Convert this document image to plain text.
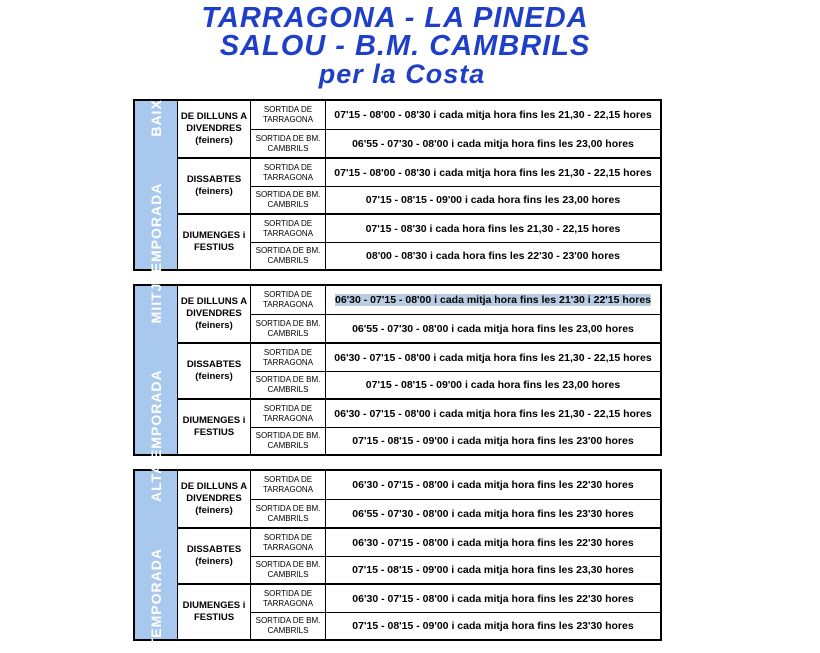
TARRAGONA - LA PINEDA
SALOU - B.M. CAMBRILS
per la Costa
TEMPORADABAIXA DE DILLUNS A
DIVENDRES
(feiners)
SORTIDA DE
TARRAGONA	07'15 - 08'00 - 08'30 i cada mitja hora fins les 21,30 - 22,15 hores
SORTIDA DE BM.
CAMBRILS	06'55 - 07'30 - 08'00 i cada mitja hora fins les 23,00 hores
DISSABTES
(feiners)
SORTIDA DE
TARRAGONA	07'15 - 08'00 - 08'30 i cada mitja hora fins les 21,30 - 22,15 hores
SORTIDA DE BM.
CAMBRILS	07'15 - 08'15 - 09'00 i cada hora fins les 23,00 hores
DIUMENGES i
FESTIUS
SORTIDA DE
TARRAGONA	07'15 - 08'30 i cada hora fins les 21,30 - 22,15 hores
SORTIDA DE BM.
CAMBRILS	08'00 - 08'30 i cada hora fins les 22'30 - 23'00 hores
TEMPORADAMIITJA DE DILLUNS A
DIVENDRES
(feiners)
SORTIDA DE
TARRAGONA 06'30 - 07'15 - 08'00 i cada mitja hora fins les 21'30 i 22'15 hores
SORTIDA DE BM.
CAMBRILS	06'55 - 07'30 - 08'00 i cada mitja hora fins les 23,00 hores
DISSABTES
(feiners)
SORTIDA DE
TARRAGONA	06'30 - 07'15 - 08'00 i cada mitja hora fins les 21,30 - 22,15 hores
SORTIDA DE BM.
CAMBRILS	07'15 - 08'15 - 09'00 i cada hora fins les 23,00 hores
DIUMENGES i
FESTIUS
SORTIDA DE
TARRAGONA	06'30 - 07'15 - 08'00 i cada mitja hora fins les 21,30 - 22,15 hores
SORTIDA DE BM.
CAMBRILS	07'15 - 08'15 - 09'00 i cada mitja hora fins les 23'00 hores
TEMPORADAALTA DE DILLUNS A
DIVENDRES
(feiners)
SORTIDA DE
TARRAGONA	06'30 - 07'15 - 08'00 i cada mitja hora fins les 22'30 hores
SORTIDA DE BM.
CAMBRILS	06'55 - 07'30 - 08'00 i cada mitja hora fins les 23'30 hores
DISSABTES
(feiners)
SORTIDA DE
TARRAGONA	06'30 - 07'15 - 08'00 i cada mitja hora fins les 22'30 hores
SORTIDA DE BM.
CAMBRILS	07'15 - 08'15 - 09'00 i cada mitja hora fins les 23,30 hores
DIUMENGES i
FESTIUS
SORTIDA DE
TARRAGONA	06'30 - 07'15 - 08'00 i cada mitja hora fins les 22'30 hores
SORTIDA DE BM.
CAMBRILS	07'15 - 08'15 - 09'00 i cada mitja hora fins les 23'30 hores
